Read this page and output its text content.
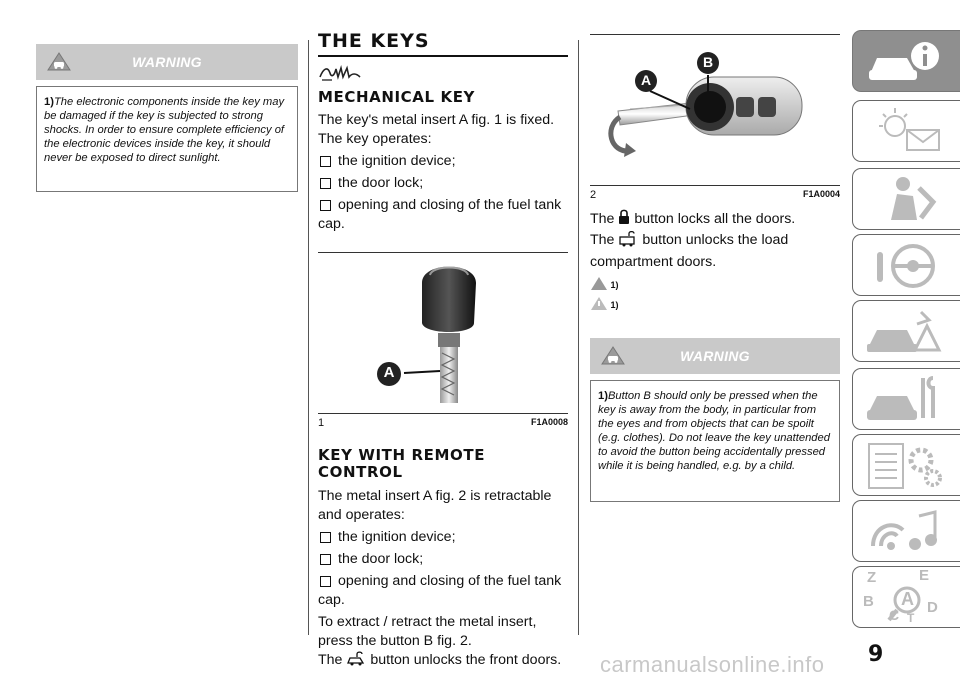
WARNING
1)The electronic components inside the key may be damaged if the key is subjected to strong shocks. In order to ensure complete efficiency of the electronic devices inside the key, it should never be exposed to direct sunlight.
THE KEYS
MECHANICAL KEY
The key's metal insert A fig. 1 is fixed. The key operates:
the ignition device;
the door lock;
opening and closing of the fuel tank cap.
A
1	F1A0008
KEY WITH REMOTE CONTROL
The metal insert A fig. 2 is retractable and operates:
the ignition device;
the door lock;
opening and closing of the fuel tank cap.
To extract / retract the metal insert, press the button B fig. 2.
The button unlocks the front doors.
A
B
2	F1A0004
The button locks all the doors.
The button unlocks the load compartment doors.
1)
1)
WARNING
1)Button B should only be pressed when the key is away from the body, in particular from the eyes and from objects that can be spoilt (e.g. clothes). Do not leave the key unattended to avoid the button being accidentally pressed while it is being handled, e.g. by a child.
Z	E
A
B
C D
T
9
carmanualsonline.info
